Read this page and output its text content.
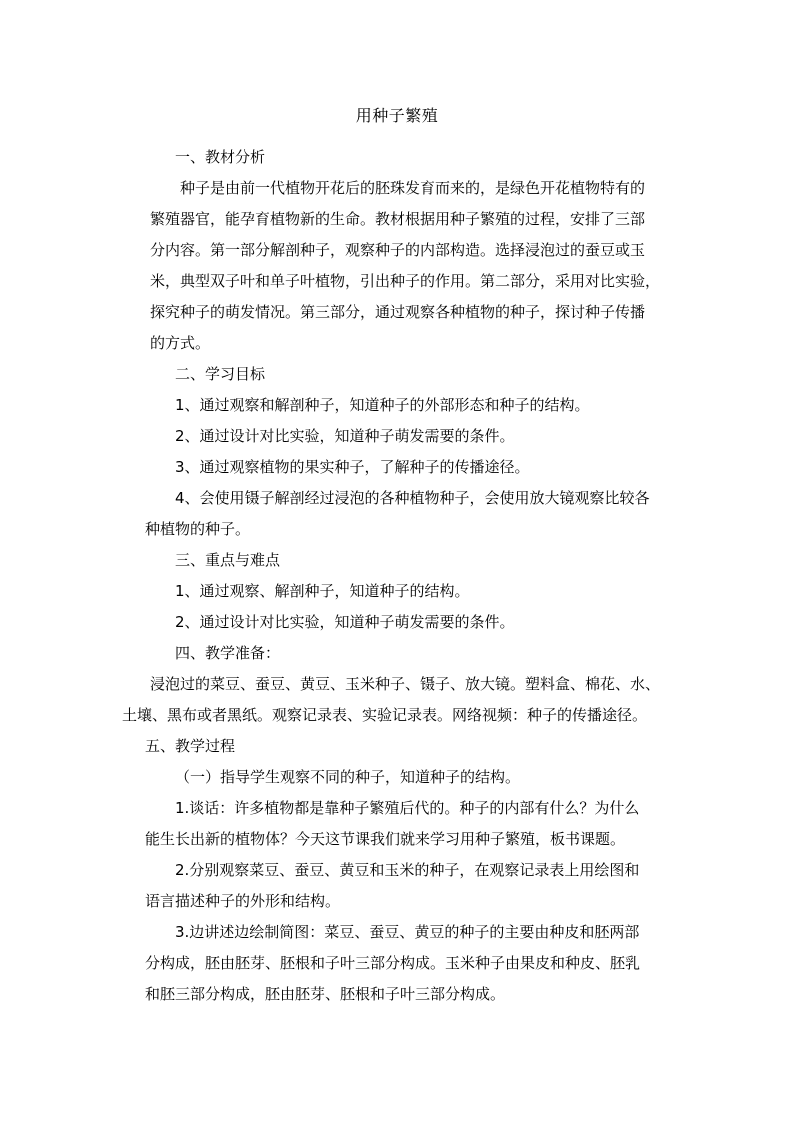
用种子繁殖
一、教材分析
种子是由前一代植物开花后的胚珠发育而来的，是绿色开花植物特有的
繁殖器官，能孕育植物新的生命。教材根据用种子繁殖的过程，安排了三部
分内容。第一部分解剖种子，观察种子的内部构造。选择浸泡过的蚕豆或玉
米，典型双子叶和单子叶植物，引出种子的作用。第二部分，采用对比实验，
探究种子的萌发情况。第三部分，通过观察各种植物的种子，探讨种子传播
的方式。
二、学习目标
1、通过观察和解剖种子，知道种子的外部形态和种子的结构。
2、通过设计对比实验，知道种子萌发需要的条件。
3、通过观察植物的果实种子，了解种子的传播途径。
4、会使用镊子解剖经过浸泡的各种植物种子，会使用放大镜观察比较各
种植物的种子。
三、重点与难点
1、通过观察、解剖种子，知道种子的结构。
2、通过设计对比实验，知道种子萌发需要的条件。
四、教学准备：
浸泡过的菜豆、蚕豆、黄豆、玉米种子、镊子、放大镜。塑料盒、棉花、水、
土壤、黑布或者黑纸。观察记录表、实验记录表。网络视频：种子的传播途径。
五、教学过程
（一）指导学生观察不同的种子，知道种子的结构。
1.谈话：许多植物都是靠种子繁殖后代的。种子的内部有什么？为什么
能生长出新的植物体？今天这节课我们就来学习用种子繁殖，板书课题。
2.分别观察菜豆、蚕豆、黄豆和玉米的种子，在观察记录表上用绘图和
语言描述种子的外形和结构。
3.边讲述边绘制简图：菜豆、蚕豆、黄豆的种子的主要由种皮和胚两部
分构成，胚由胚芽、胚根和子叶三部分构成。玉米种子由果皮和种皮、胚乳
和胚三部分构成，胚由胚芽、胚根和子叶三部分构成。
